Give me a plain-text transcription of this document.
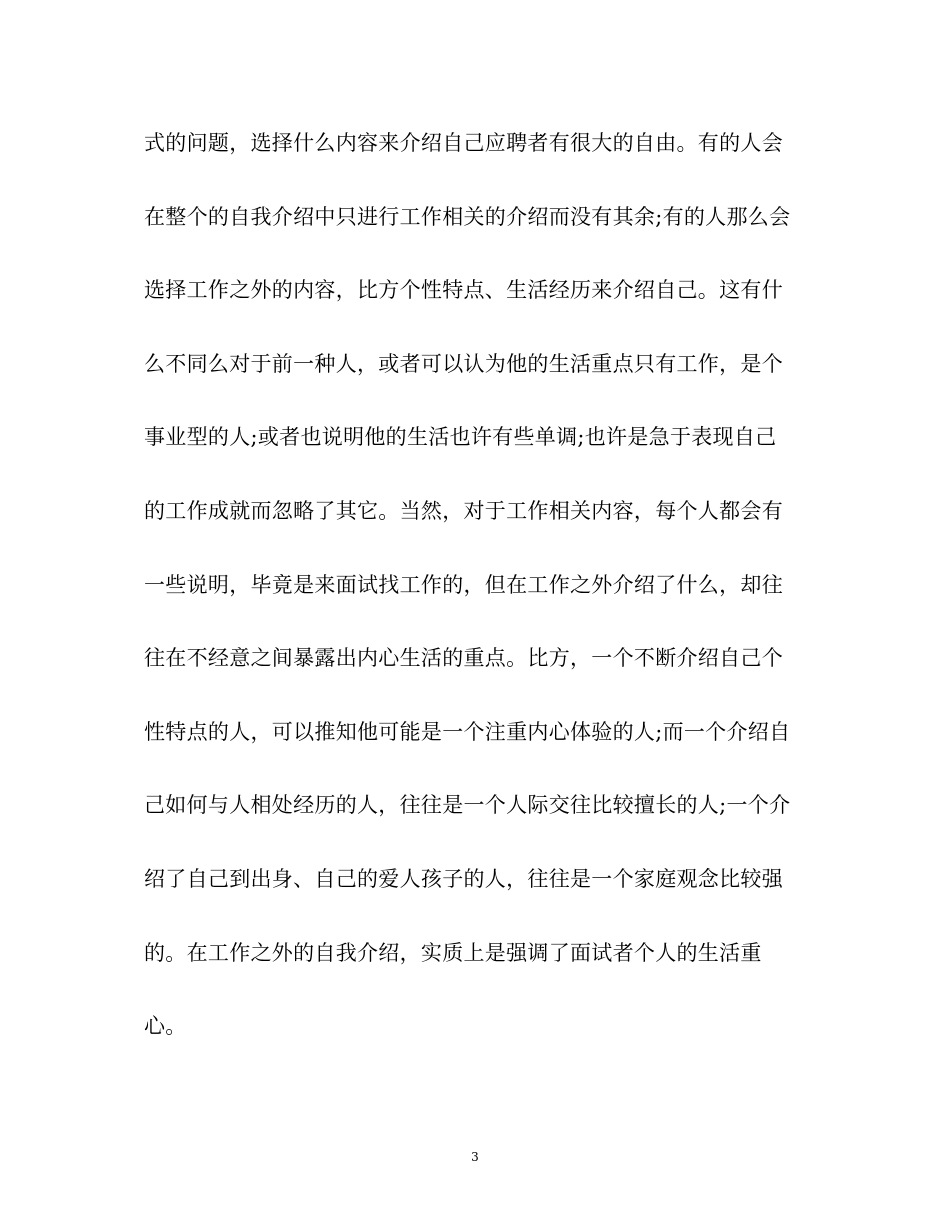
式的问题，选择什么内容来介绍自己应聘者有很大的自由。有的人会
在整个的自我介绍中只进行工作相关的介绍而没有其余;有的人那么会
选择工作之外的内容，比方个性特点、生活经历来介绍自己。这有什
么不同么对于前一种人，或者可以认为他的生活重点只有工作，是个
事业型的人;或者也说明他的生活也许有些单调;也许是急于表现自己
的工作成就而忽略了其它。当然，对于工作相关内容，每个人都会有
一些说明，毕竟是来面试找工作的，但在工作之外介绍了什么，却往
往在不经意之间暴露出内心生活的重点。比方，一个不断介绍自己个
性特点的人，可以推知他可能是一个注重内心体验的人;而一个介绍自
己如何与人相处经历的人，往往是一个人际交往比较擅长的人;一个介
绍了自己到出身、自己的爱人孩子的人，往往是一个家庭观念比较强
的。在工作之外的自我介绍，实质上是强调了面试者个人的生活重
心。
3
